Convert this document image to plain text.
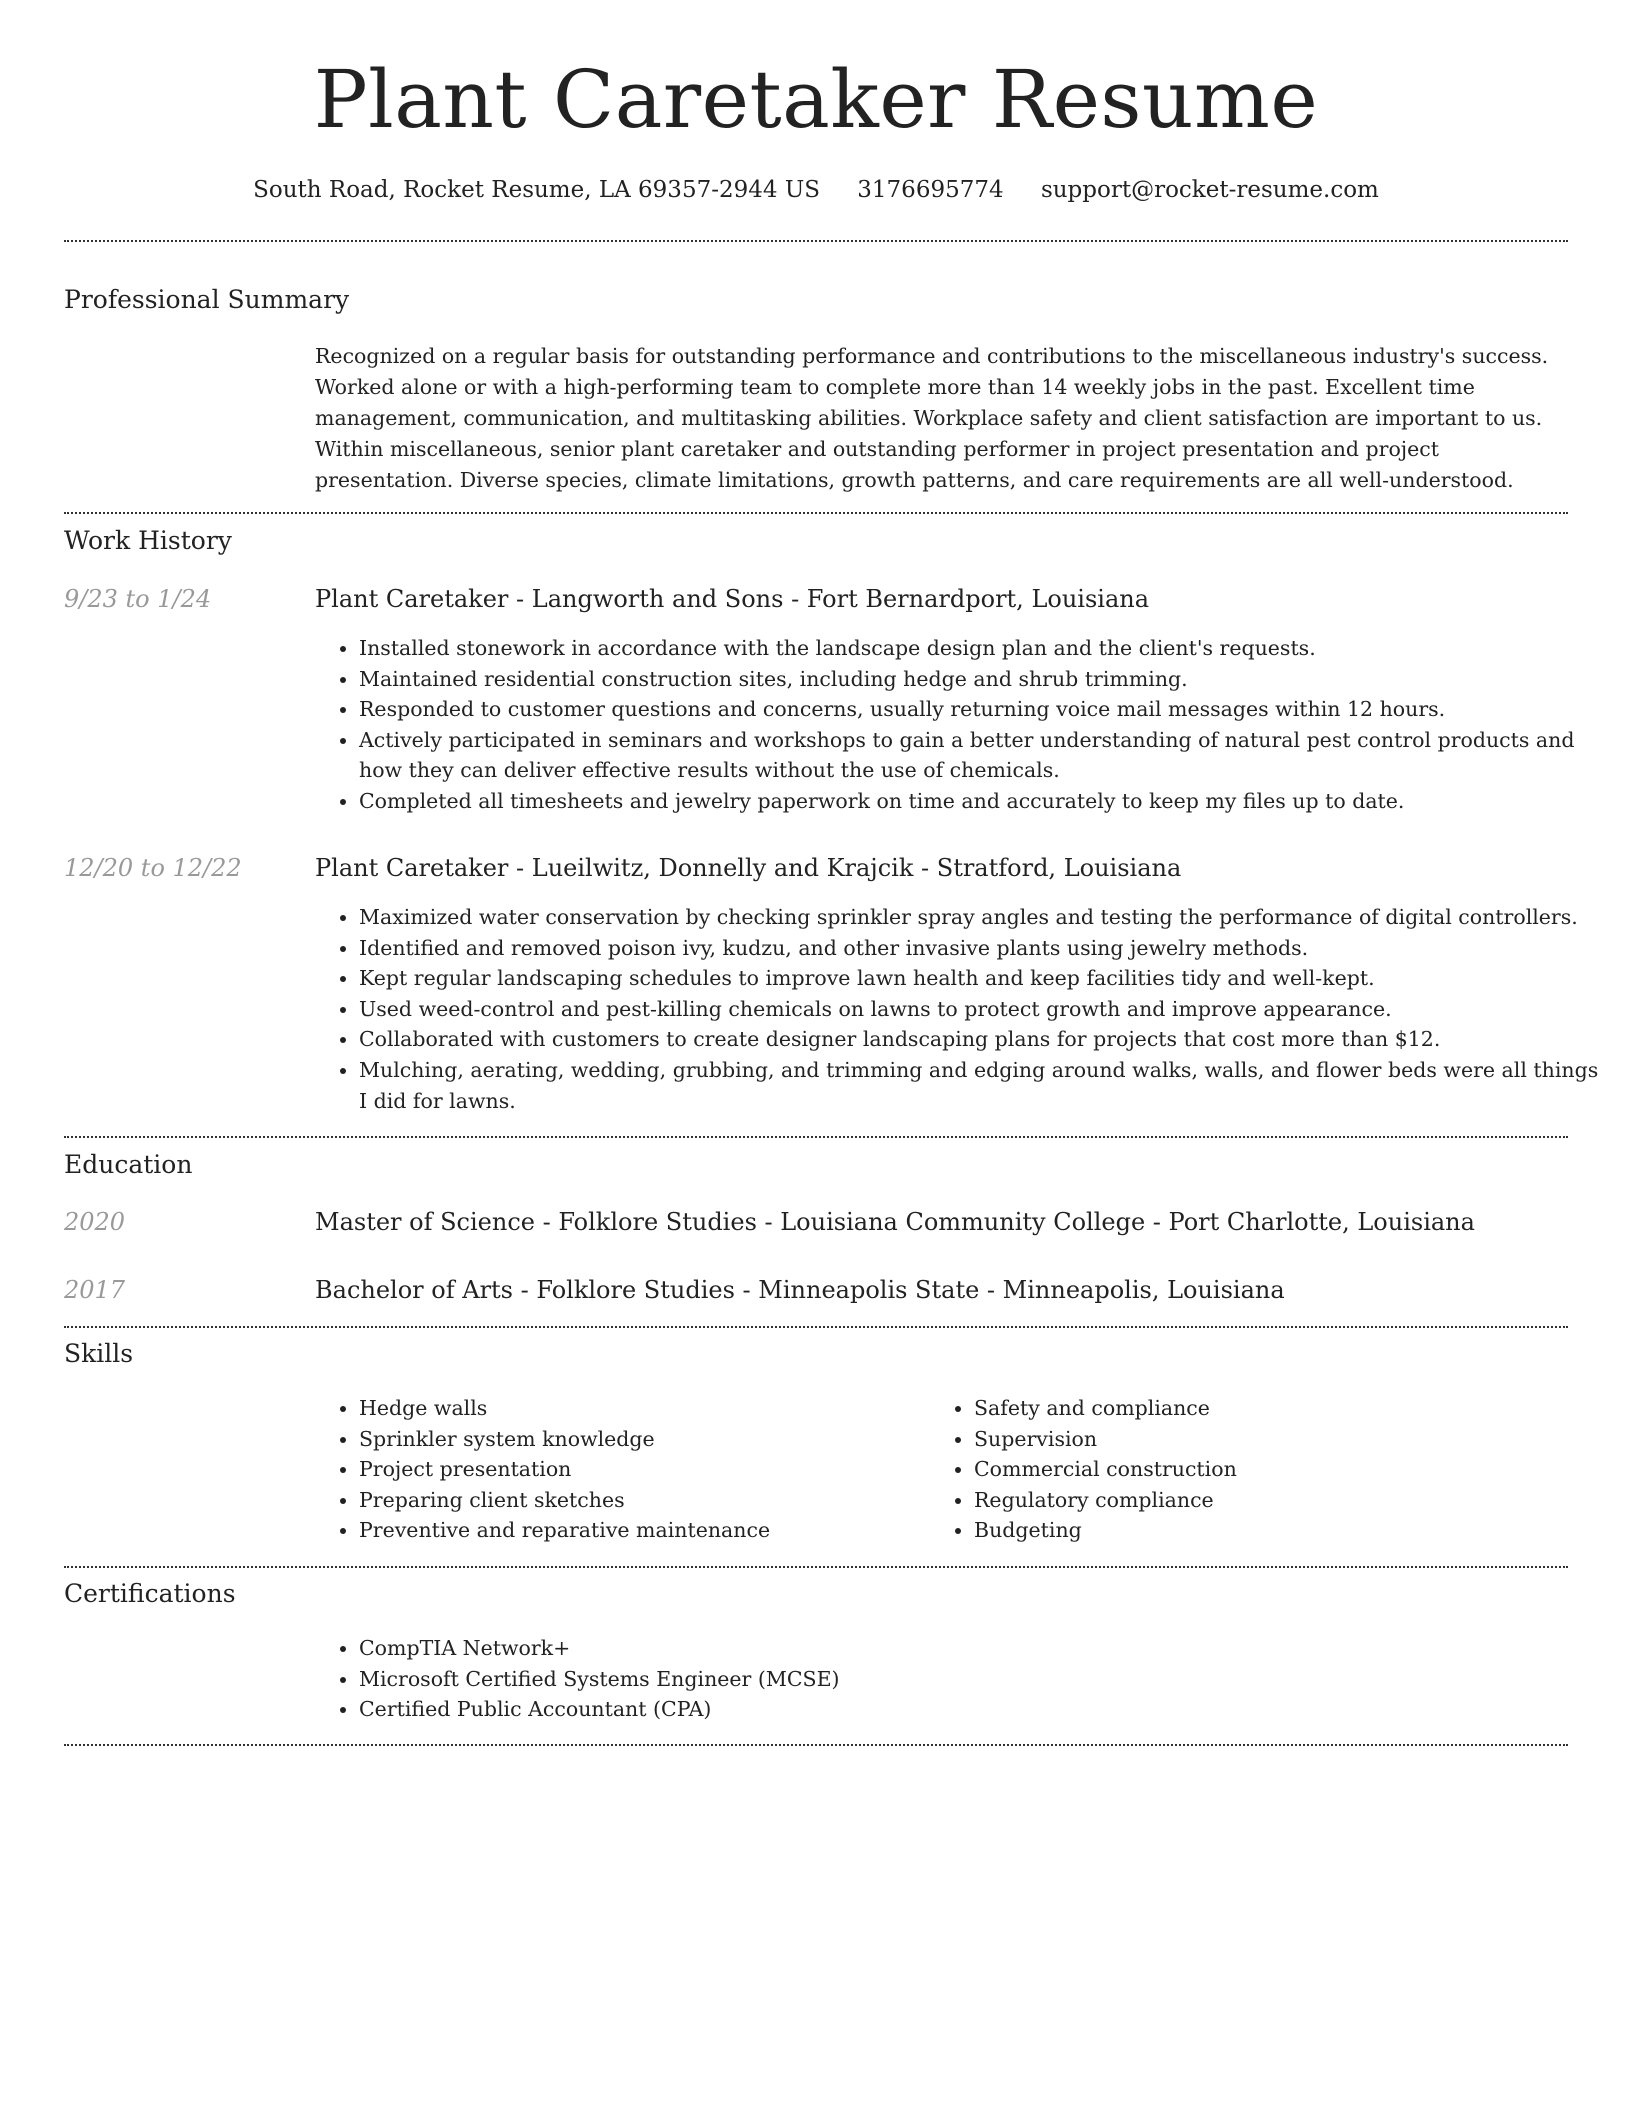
Plant Caretaker Resume
South Road, Rocket Resume, LA 69357-2944 US 3176695774 support@rocket-resume.com
Professional Summary

Recognized on a regular basis for outstanding performance and contributions to the miscellaneous industry's success. Worked alone or with a high-performing team to complete more than 14 weekly jobs in the past. Excellent time management, communication, and multitasking abilities. Workplace safety and client satisfaction are important to us. Within miscellaneous, senior plant caretaker and outstanding performer in project presentation and project presentation. Diverse species, climate limitations, growth patterns, and care requirements are all well-understood.

Work History
9/23 to 1/24	Plant Caretaker - Langworth and Sons - Fort Bernardport, Louisiana
• Installed stonework in accordance with the landscape design plan and the client's requests.
• Maintained residential construction sites, including hedge and shrub trimming.
• Responded to customer questions and concerns, usually returning voice mail messages within 12 hours.
• Actively participated in seminars and workshops to gain a better understanding of natural pest control products and how they can deliver effective results without the use of chemicals.
• Completed all timesheets and jewelry paperwork on time and accurately to keep my files up to date.
12/20 to 12/22	Plant Caretaker - Lueilwitz, Donnelly and Krajcik - Stratford, Louisiana
• Maximized water conservation by checking sprinkler spray angles and testing the performance of digital controllers.
• Identified and removed poison ivy, kudzu, and other invasive plants using jewelry methods.
• Kept regular landscaping schedules to improve lawn health and keep facilities tidy and well-kept.
• Used weed-control and pest-killing chemicals on lawns to protect growth and improve appearance.
• Collaborated with customers to create designer landscaping plans for projects that cost more than $12.
• Mulching, aerating, wedding, grubbing, and trimming and edging around walks, walls, and flower beds were all things I did for lawns.
Education
2020	Master of Science - Folklore Studies - Louisiana Community College - Port Charlotte, Louisiana
2017	Bachelor of Arts - Folklore Studies - Minneapolis State - Minneapolis, Louisiana
Skills
• Hedge walls
• Sprinkler system knowledge
• Project presentation
• Preparing client sketches
• Preventive and reparative maintenance
• Safety and compliance
• Supervision
• Commercial construction
• Regulatory compliance
• Budgeting
Certifications
• CompTIA Network+
• Microsoft Certified Systems Engineer (MCSE)
• Certified Public Accountant (CPA)
